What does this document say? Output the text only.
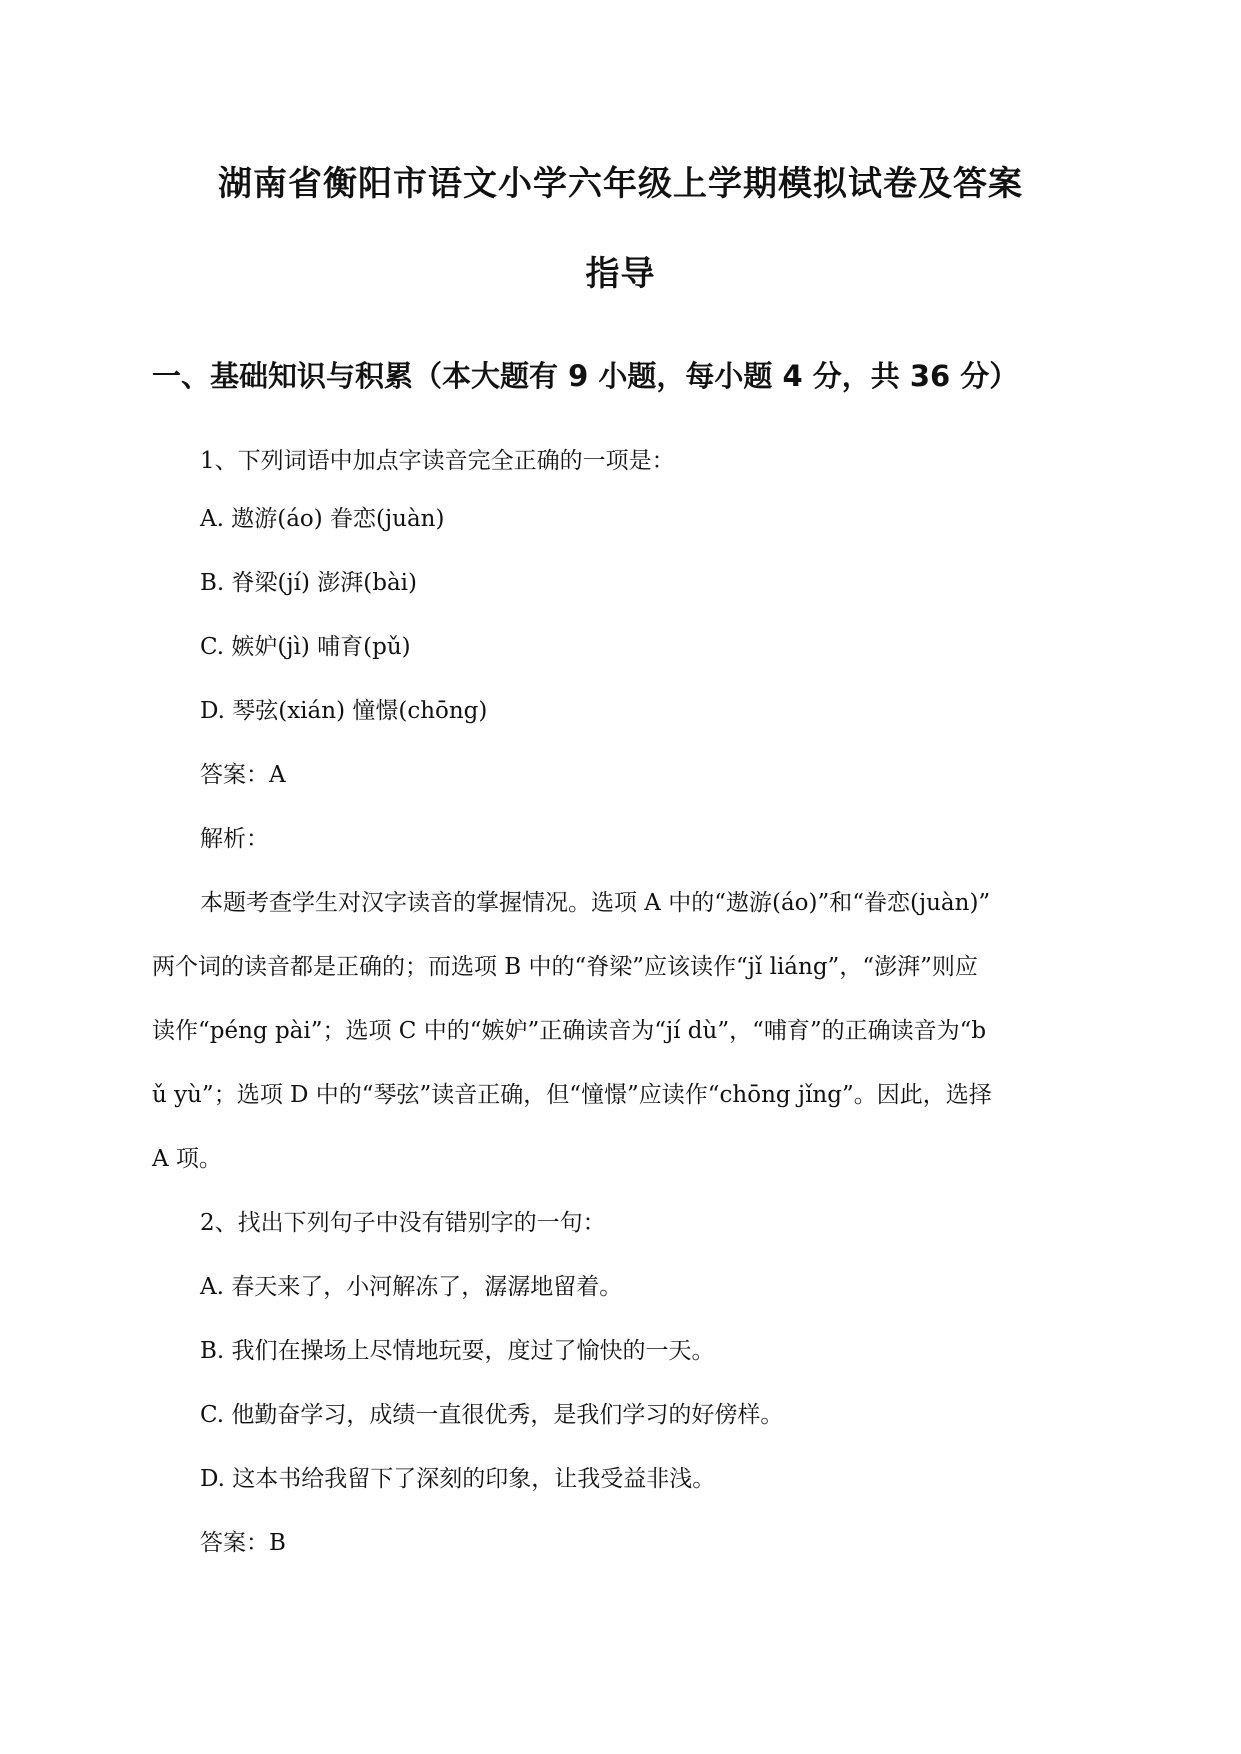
湖南省衡阳市语文小学六年级上学期模拟试卷及答案
指导
一、基础知识与积累（本大题有 9 小题，每小题 4 分，共 36 分）
1、下列词语中加点字读音完全正确的一项是：
A. 遨游(áo) 眷恋(juàn)
B. 脊梁(jí) 澎湃(bài)
C. 嫉妒(jì) 哺育(pǔ)
D. 琴弦(xián) 憧憬(chōng)
答案：A
解析：
本题考查学生对汉字读音的掌握情况。选项 A 中的“遨游(áo)”和“眷恋(juàn)”
两个词的读音都是正确的；而选项 B 中的“脊梁”应该读作“jǐ liáng”，“澎湃”则应
读作“péng pài”；选项 C 中的“嫉妒”正确读音为“jí dù”，“哺育”的正确读音为“b
ǔ yù”；选项 D 中的“琴弦”读音正确，但“憧憬”应读作“chōng jǐng”。因此，选择
A 项。
2、找出下列句子中没有错别字的一句：
A. 春天来了，小河解冻了，潺潺地留着。
B. 我们在操场上尽情地玩耍，度过了愉快的一天。
C. 他勤奋学习，成绩一直很优秀，是我们学习的好傍样。
D. 这本书给我留下了深刻的印象，让我受益非浅。
答案：B
